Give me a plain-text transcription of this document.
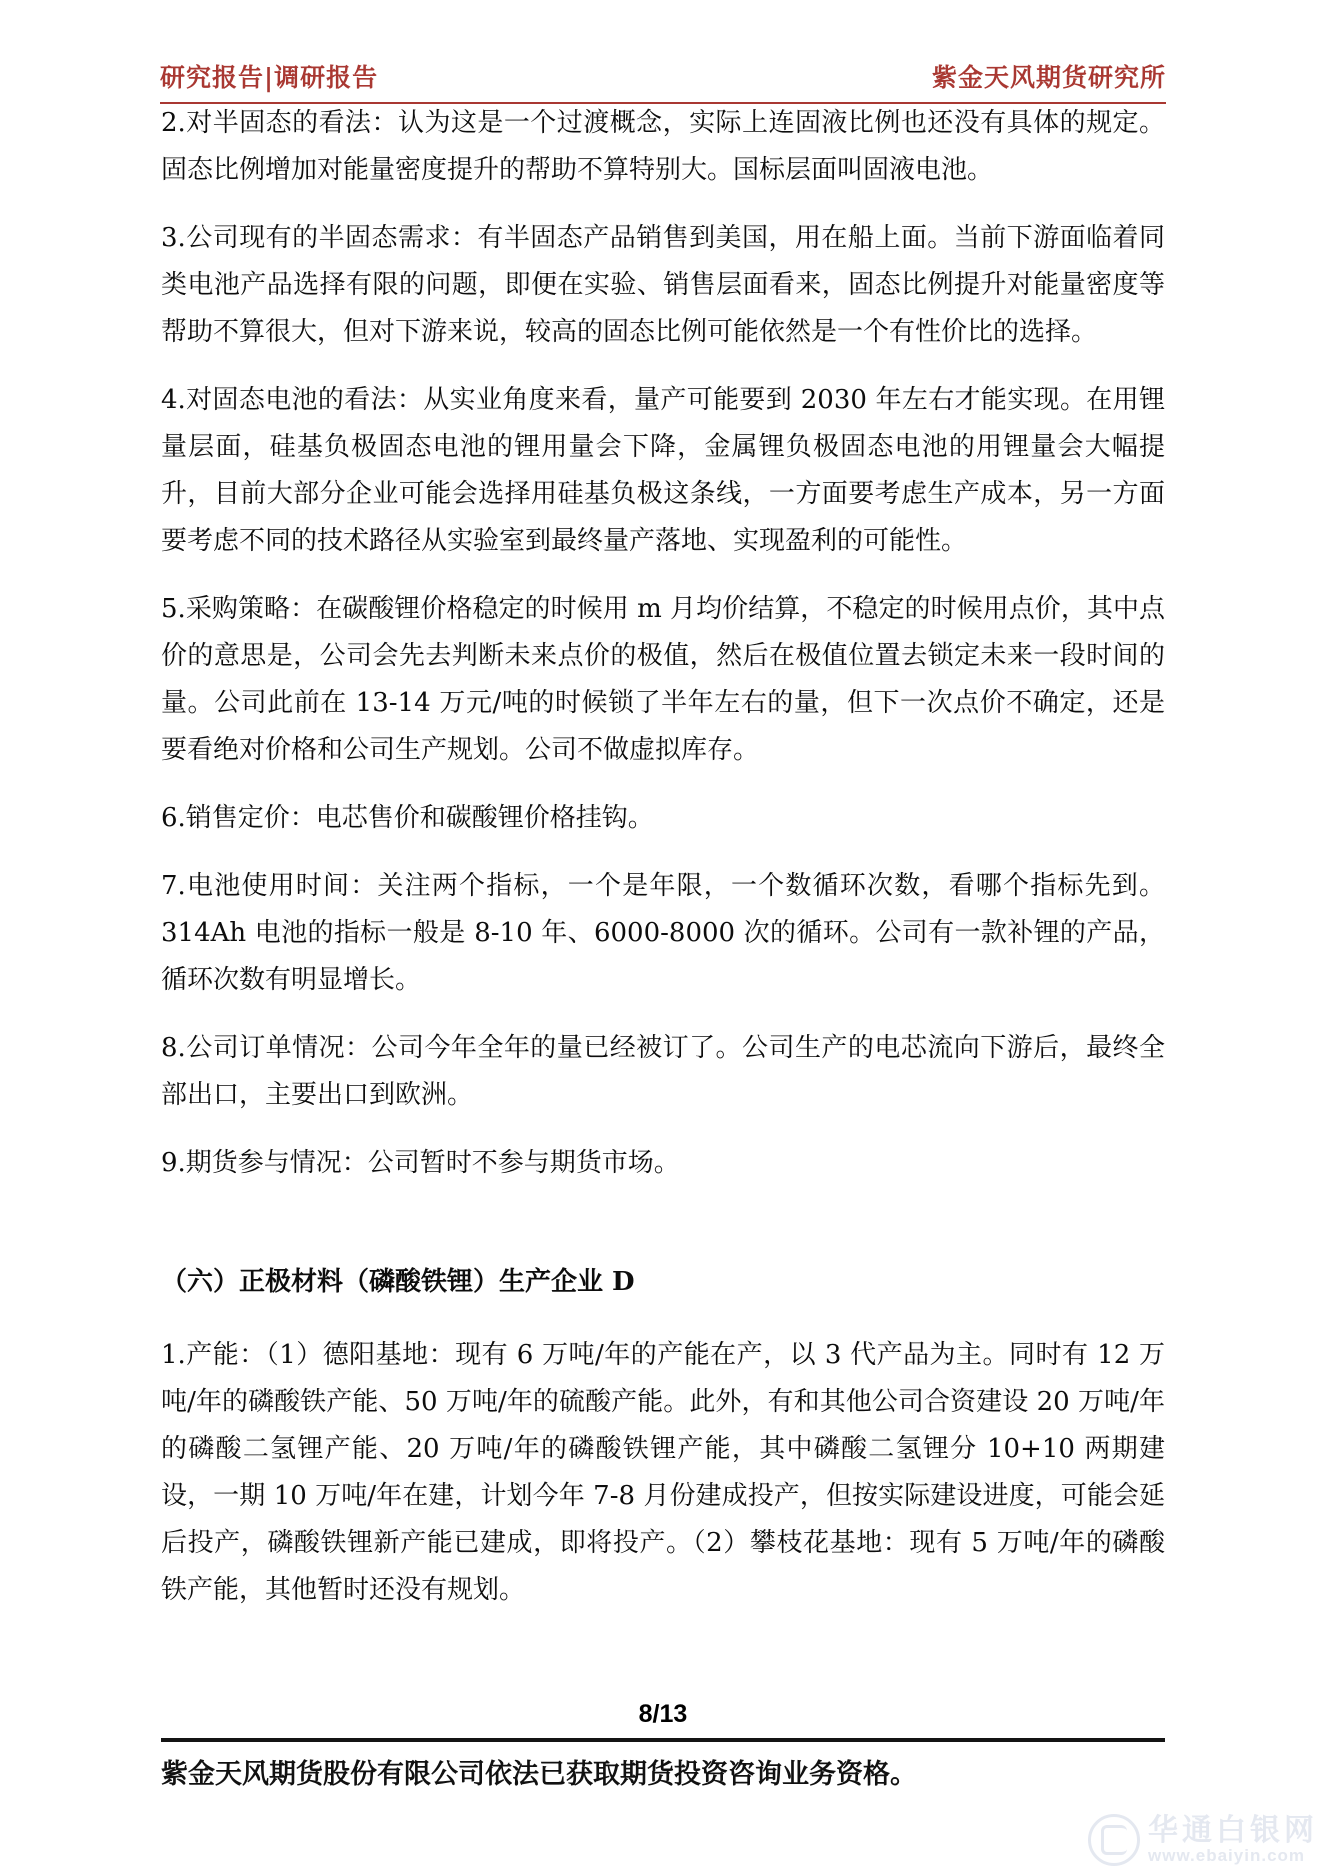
研究报告|调研报告	紫金天风期货研究所

2.对半固态的看法：认为这是一个过渡概念，实际上连固液比例也还没有具体的规定。固态比例增加对能量密度提升的帮助不算特别大。国标层面叫固液电池。

3.公司现有的半固态需求：有半固态产品销售到美国，用在船上面。当前下游面临着同类电池产品选择有限的问题，即便在实验、销售层面看来，固态比例提升对能量密度等帮助不算很大，但对下游来说，较高的固态比例可能依然是一个有性价比的选择。

4.对固态电池的看法：从实业角度来看，量产可能要到 2030 年左右才能实现。在用锂量层面，硅基负极固态电池的锂用量会下降，金属锂负极固态电池的用锂量会大幅提升，目前大部分企业可能会选择用硅基负极这条线，一方面要考虑生产成本，另一方面要考虑不同的技术路径从实验室到最终量产落地、实现盈利的可能性。

5.采购策略：在碳酸锂价格稳定的时候用 m 月均价结算，不稳定的时候用点价，其中点价的意思是，公司会先去判断未来点价的极值，然后在极值位置去锁定未来一段时间的量。公司此前在 13-14 万元/吨的时候锁了半年左右的量，但下一次点价不确定，还是要看绝对价格和公司生产规划。公司不做虚拟库存。

6.销售定价：电芯售价和碳酸锂价格挂钩。

7.电池使用时间：关注两个指标，一个是年限，一个数循环次数，看哪个指标先到。314Ah 电池的指标一般是 8-10 年、6000-8000 次的循环。公司有一款补锂的产品，循环次数有明显增长。

8.公司订单情况：公司今年全年的量已经被订了。公司生产的电芯流向下游后，最终全部出口，主要出口到欧洲。

9.期货参与情况：公司暂时不参与期货市场。

（六）正极材料（磷酸铁锂）生产企业 D

1.产能：（1）德阳基地：现有 6 万吨/年的产能在产，以 3 代产品为主。同时有 12 万吨/年的磷酸铁产能、50 万吨/年的硫酸产能。此外，有和其他公司合资建设 20 万吨/年的磷酸二氢锂产能、20 万吨/年的磷酸铁锂产能，其中磷酸二氢锂分 10+10 两期建设，一期 10 万吨/年在建，计划今年 7-8 月份建成投产，但按实际建设进度，可能会延后投产，磷酸铁锂新产能已建成，即将投产。（2）攀枝花基地：现有 5 万吨/年的磷酸铁产能，其他暂时还没有规划。

8/13
紫金天风期货股份有限公司依法已获取期货投资咨询业务资格。
华通白银网
www.ebaiyin.com
